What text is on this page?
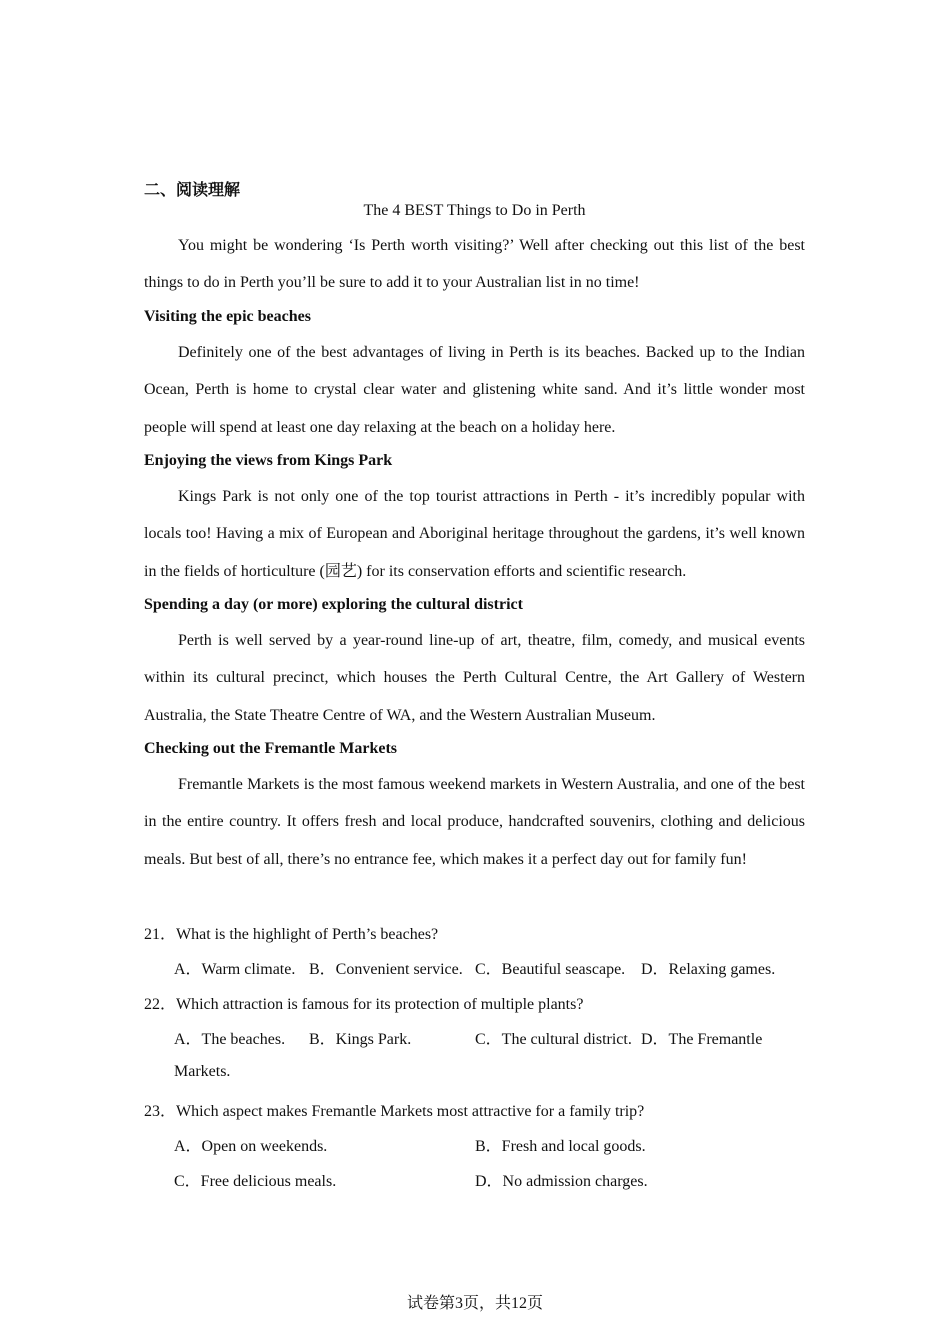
二、阅读理解
The 4 BEST Things to Do in Perth
You might be wondering ‘Is Perth worth visiting?’ Well after checking out this list of the best things to do in Perth you’ll be sure to add it to your Australian list in no time!
Visiting the epic beaches
Definitely one of the best advantages of living in Perth is its beaches. Backed up to the Indian Ocean, Perth is home to crystal clear water and glistening white sand. And it’s little wonder most people will spend at least one day relaxing at the beach on a holiday here.
Enjoying the views from Kings Park
Kings Park is not only one of the top tourist attractions in Perth - it’s incredibly popular with locals too! Having a mix of European and Aboriginal heritage throughout the gardens, it’s well known in the fields of horticulture (园艺) for its conservation efforts and scientific research.
Spending a day (or more) exploring the cultural district
Perth is well served by a year-round line-up of art, theatre, film, comedy, and musical events within its cultural precinct, which houses the Perth Cultural Centre, the Art Gallery of Western Australia, the State Theatre Centre of WA, and the Western Australian Museum.
Checking out the Fremantle Markets
Fremantle Markets is the most famous weekend markets in Western Australia, and one of the best in the entire country. It offers fresh and local produce, handcrafted souvenirs, clothing and delicious meals. But best of all, there’s no entrance fee, which makes it a perfect day out for family fun!
21．What is the highlight of Perth’s beaches?
A．Warm climate. B．Convenient service. C．Beautiful seascape. D．Relaxing games.
22．Which attraction is famous for its protection of multiple plants?
A．The beaches. B．Kings Park.	C．The cultural district. D．The Fremantle
Markets.
23．Which aspect makes Fremantle Markets most attractive for a family trip?
A．Open on weekends.	B．Fresh and local goods.
C．Free delicious meals.	D．No admission charges.
试卷第3页，共12页
